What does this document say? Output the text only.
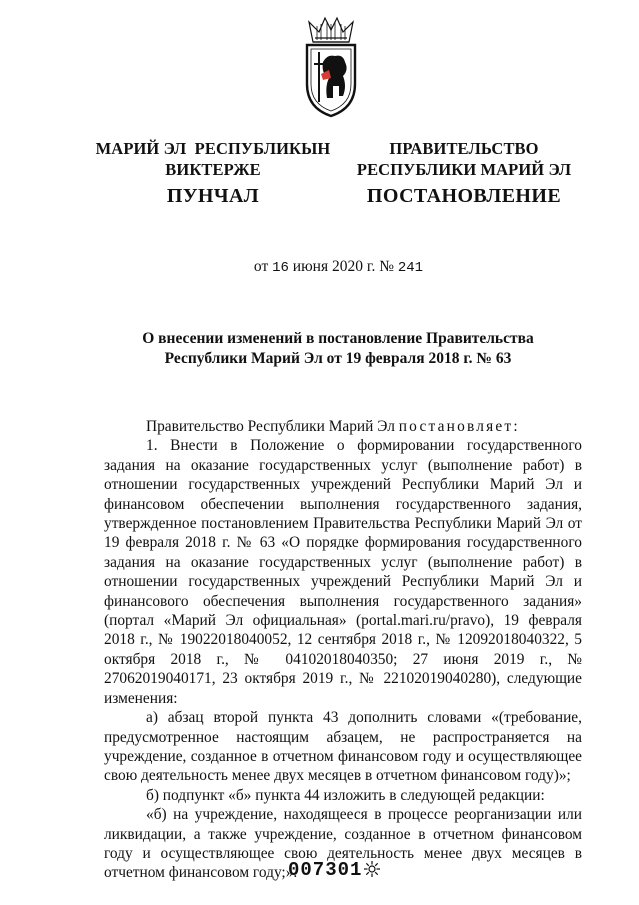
МАРИЙ ЭЛ  РЕСПУБЛИКЫН
ВИКТЕРЖЕ
ПУНЧАЛ
ПРАВИТЕЛЬСТВО
РЕСПУБЛИКИ МАРИЙ ЭЛ
ПОСТАНОВЛЕНИЕ
от 16 июня 2020 г. № 241
О внесении изменений в постановление Правительства
Республики Марий Эл от 19 февраля 2018 г. № 63

Правительство Республики Марий Эл постановляет:

1. Внести в Положение о формировании государственного задания на оказание государственных услуг (выполнение работ) в отношении государственных учреждений Республики Марий Эл и финансовом обеспечении выполнения государственного задания, утвержденное постановлением Правительства Республики Марий Эл от 19 февраля 2018 г. № 63 «О порядке формирования государственного задания на оказание государственных услуг (выполнение работ) в отношении государственных учреждений Республики Марий Эл и финансового обеспечения выполнения государственного задания» (портал «Марий Эл официальная» (portal.mari.ru/pravo), 19 февраля 2018 г., № 19022018040052, 12 сентября 2018 г., № 12092018040322, 5 октября 2018 г., № 04102018040350; 27 июня 2019 г., № 27062019040171, 23 октября 2019 г., № 22102019040280), следующие изменения:

а) абзац второй пункта 43 дополнить словами «(требование, предусмотренное настоящим абзацем, не распространяется на учреждение, созданное в отчетном финансовом году и осуществляющее свою деятельность менее двух месяцев в отчетном финансовом году)»;

б) подпункт «б» пункта 44 изложить в следующей редакции:

«б) на учреждение, находящееся в процессе реорганизации или ликвидации, а также учреждение, созданное в отчетном финансовом году и осуществляющее свою деятельность менее двух месяцев в отчетном финансовом году;».

007301
